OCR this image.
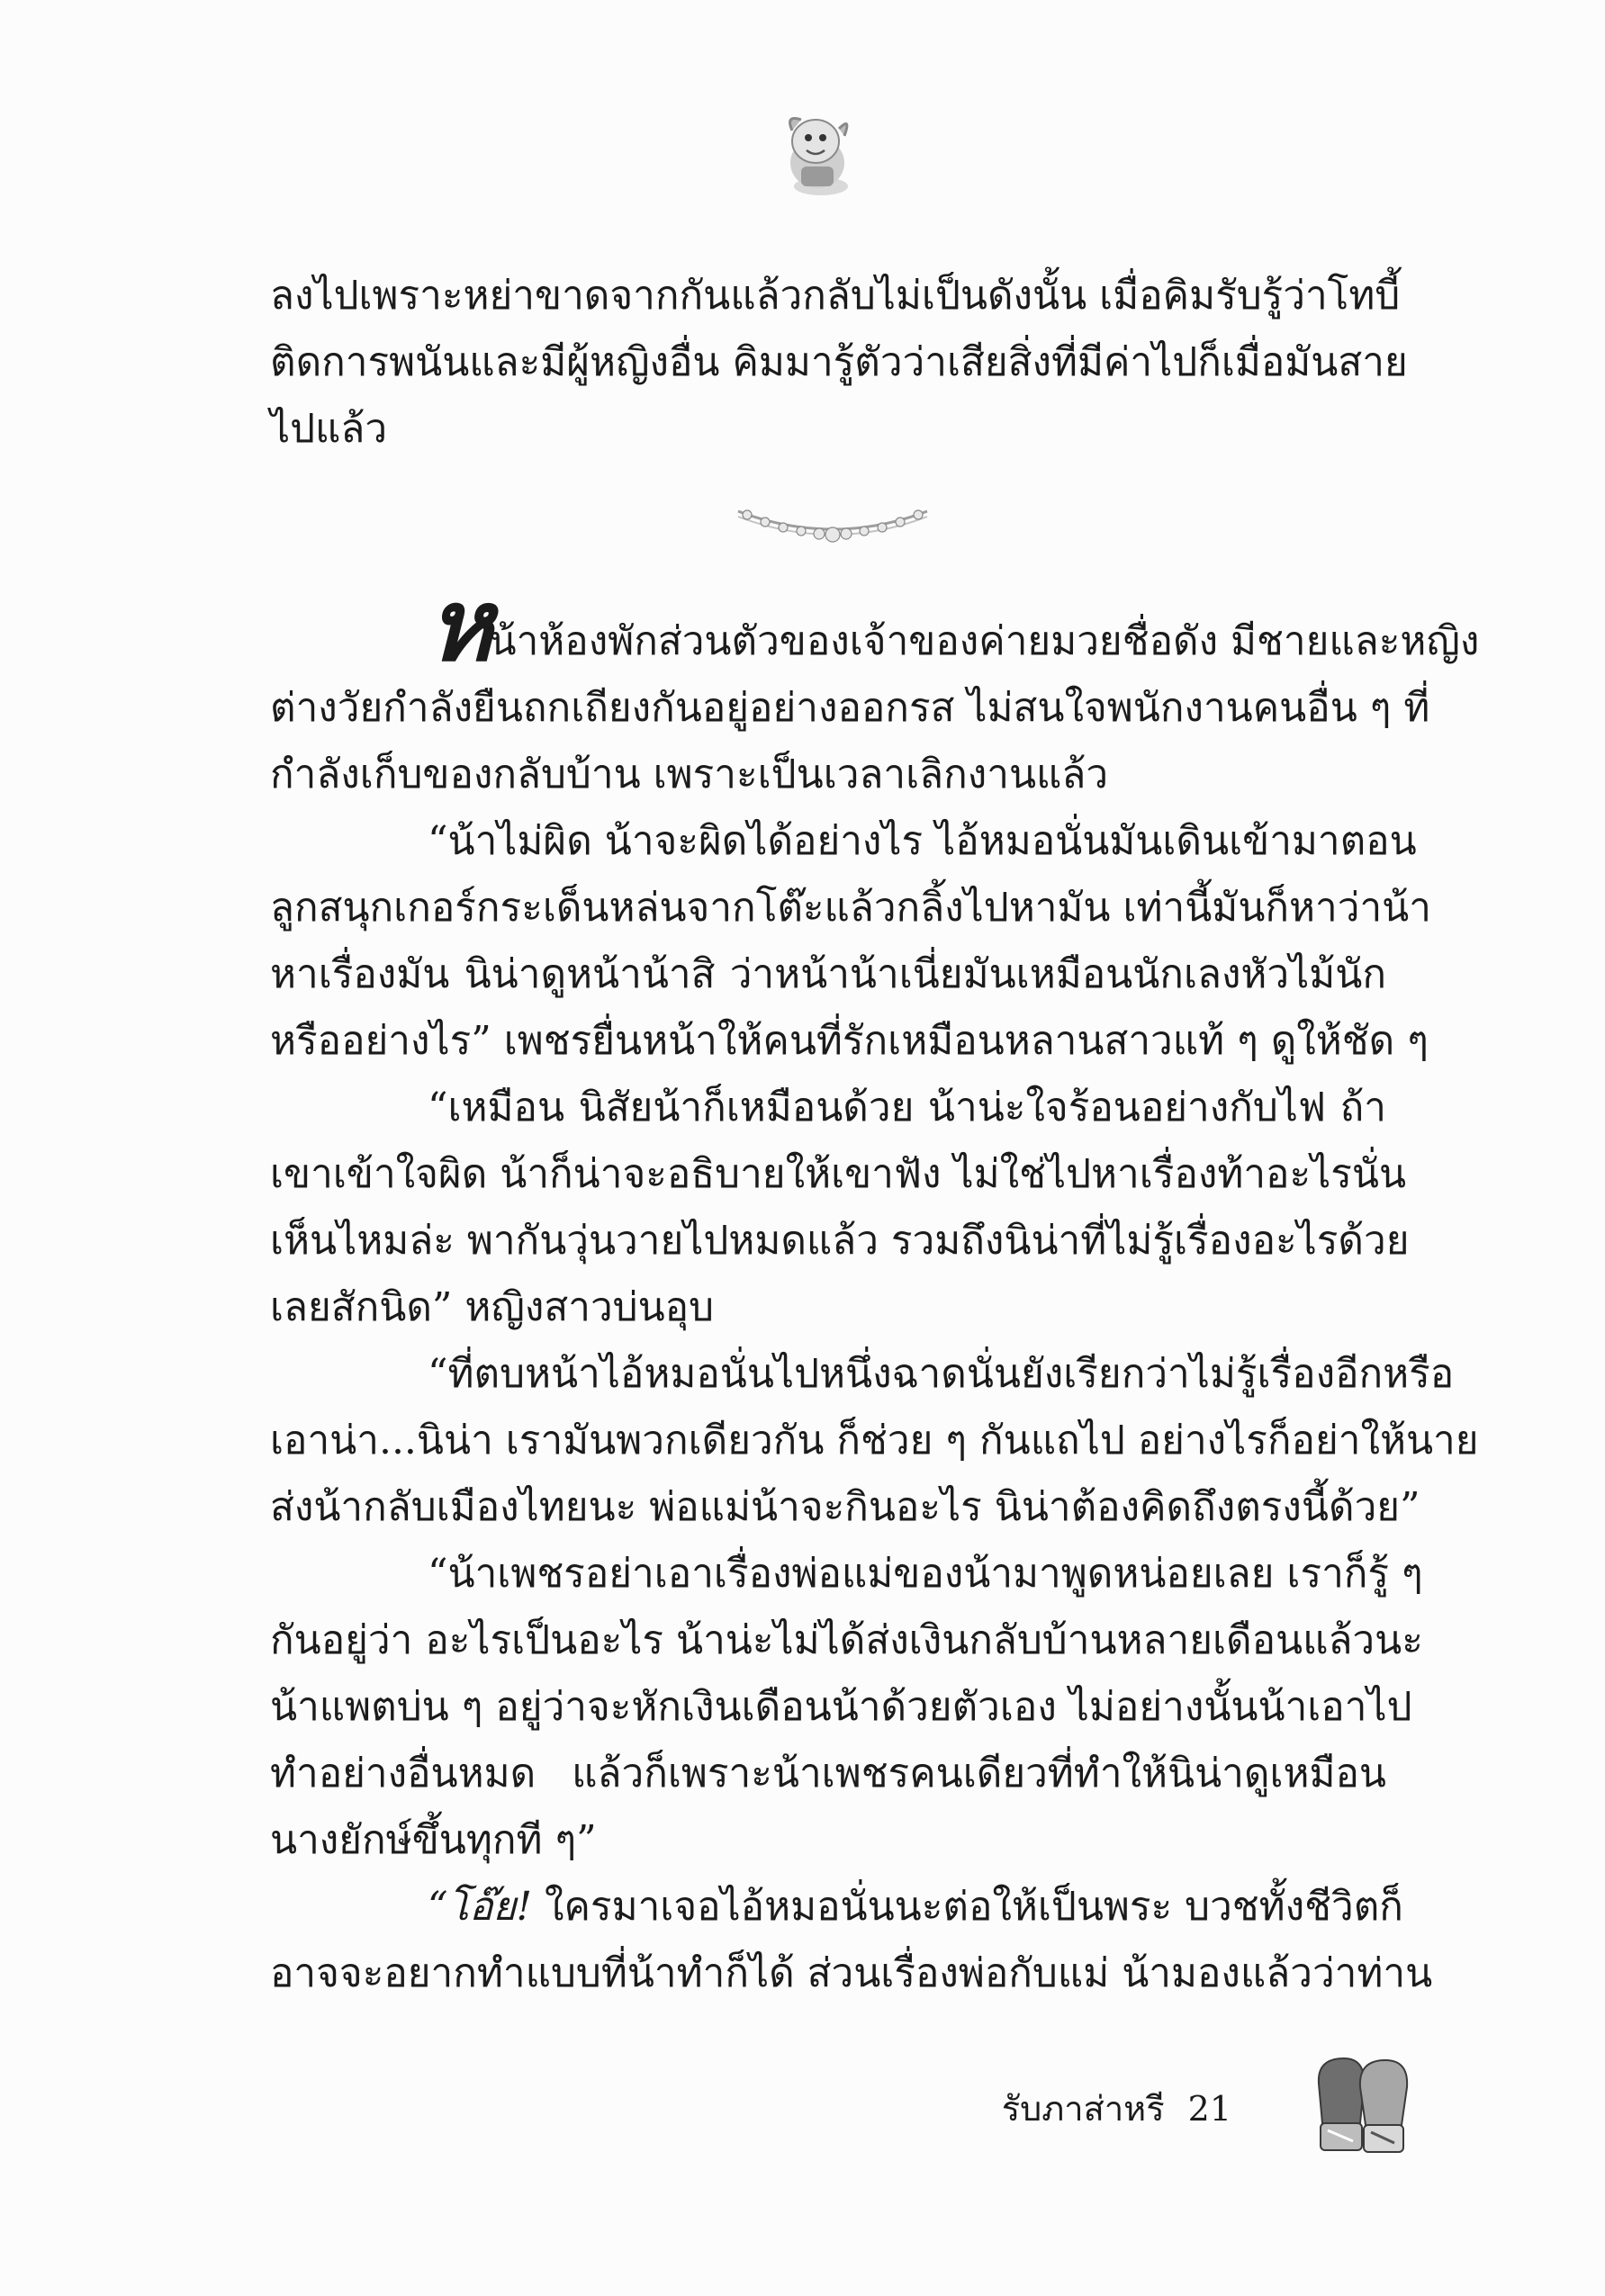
ลงไปเพราะหย่าขาดจากกันแล้วกลับไม่เป็นดังนั้น เมื่อคิมรับรู้ว่าโทบี้
ติดการพนันและมีผู้หญิงอื่น คิมมารู้ตัวว่าเสียสิ่งที่มีค่าไปก็เมื่อมันสาย
ไปแล้ว
หน้าห้องพักส่วนตัวของเจ้าของค่ายมวยชื่อดัง มีชายและหญิง
ต่างวัยกำลังยืนถกเถียงกันอยู่อย่างออกรส ไม่สนใจพนักงานคนอื่น ๆ ที่
กำลังเก็บของกลับบ้าน เพราะเป็นเวลาเลิกงานแล้ว
“น้าไม่ผิด น้าจะผิดได้อย่างไร ไอ้หมอนั่นมันเดินเข้ามาตอน
ลูกสนุกเกอร์กระเด็นหล่นจากโต๊ะแล้วกลิ้งไปหามัน เท่านี้มันก็หาว่าน้า
หาเรื่องมัน นิน่าดูหน้าน้าสิ ว่าหน้าน้าเนี่ยมันเหมือนนักเลงหัวไม้นัก
หรืออย่างไร” เพชรยื่นหน้าให้คนที่รักเหมือนหลานสาวแท้ ๆ ดูให้ชัด ๆ
“เหมือน นิสัยน้าก็เหมือนด้วย น้าน่ะใจร้อนอย่างกับไฟ ถ้า
เขาเข้าใจผิด น้าก็น่าจะอธิบายให้เขาฟัง ไม่ใช่ไปหาเรื่องท้าอะไรนั่น
เห็นไหมล่ะ พากันวุ่นวายไปหมดแล้ว รวมถึงนิน่าที่ไม่รู้เรื่องอะไรด้วย
เลยสักนิด” หญิงสาวบ่นอุบ
“ที่ตบหน้าไอ้หมอนั่นไปหนึ่งฉาดนั่นยังเรียกว่าไม่รู้เรื่องอีกหรือ
เอาน่า...นิน่า เรามันพวกเดียวกัน ก็ช่วย ๆ กันแถไป อย่างไรก็อย่าให้นาย
ส่งน้ากลับเมืองไทยนะ พ่อแม่น้าจะกินอะไร นิน่าต้องคิดถึงตรงนี้ด้วย”
“น้าเพชรอย่าเอาเรื่องพ่อแม่ของน้ามาพูดหน่อยเลย เราก็รู้ ๆ
กันอยู่ว่า อะไรเป็นอะไร น้าน่ะไม่ได้ส่งเงินกลับบ้านหลายเดือนแล้วนะ
น้าแพตบ่น ๆ อยู่ว่าจะหักเงินเดือนน้าด้วยตัวเอง ไม่อย่างนั้นน้าเอาไป
ทำอย่างอื่นหมด แล้วก็เพราะน้าเพชรคนเดียวที่ทำให้นิน่าดูเหมือน
นางยักษ์ขึ้นทุกที ๆ”
“โอ๊ย! ใครมาเจอไอ้หมอนั่นนะต่อให้เป็นพระ บวชทั้งชีวิตก็
อาจจะอยากทำแบบที่น้าทำก็ได้ ส่วนเรื่องพ่อกับแม่ น้ามองแล้วว่าท่าน
รับภาส่าหรี 21
